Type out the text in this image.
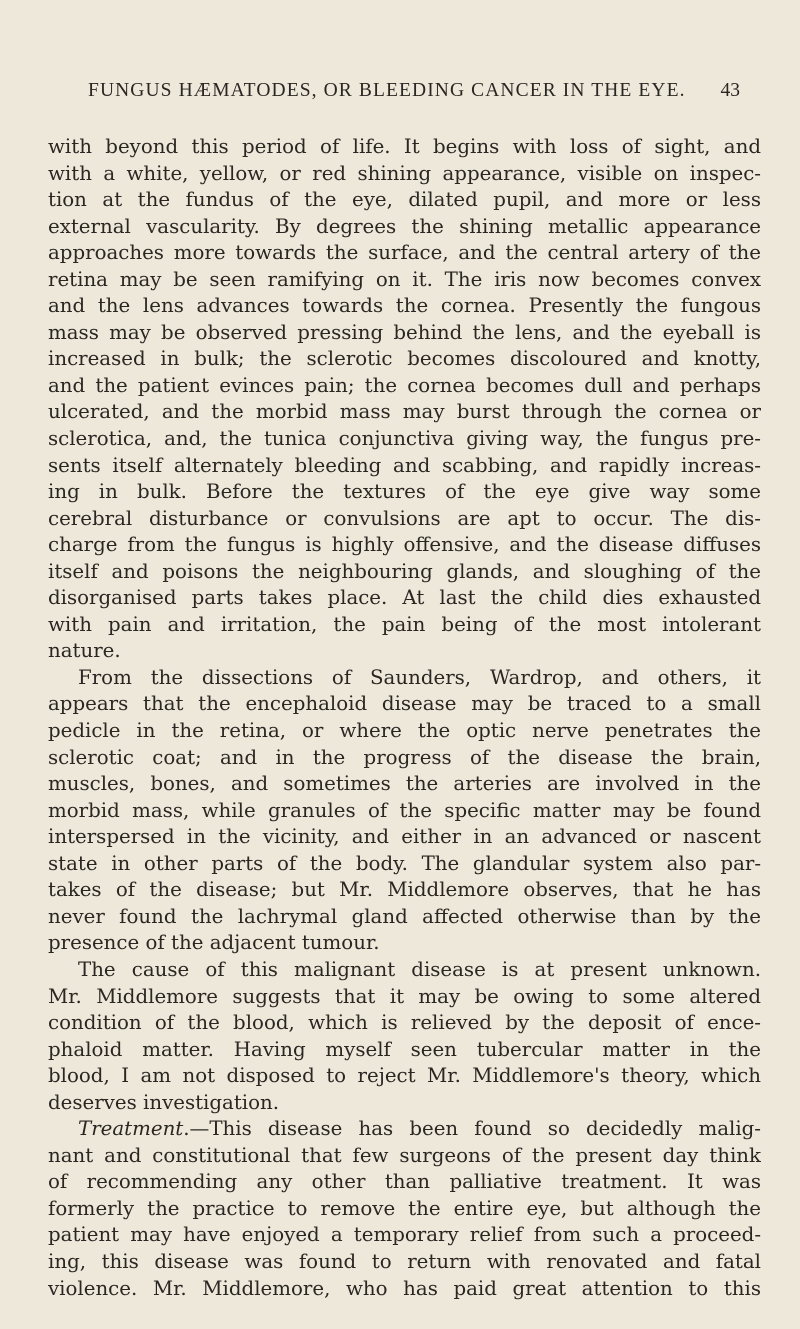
FUNGUS HÆMATODES, OR BLEEDING CANCER IN THE EYE.	43
with beyond this period of life. It begins with loss of sight, and
with a white, yellow, or red shining appearance, visible on inspec-
tion at the fundus of the eye, dilated pupil, and more or less
external vascularity. By degrees the shining metallic appearance
approaches more towards the surface, and the central artery of the
retina may be seen ramifying on it. The iris now becomes convex
and the lens advances towards the cornea. Presently the fungous
mass may be observed pressing behind the lens, and the eyeball is
increased in bulk; the sclerotic becomes discoloured and knotty,
and the patient evinces pain; the cornea becomes dull and perhaps
ulcerated, and the morbid mass may burst through the cornea or
sclerotica, and, the tunica conjunctiva giving way, the fungus pre-
sents itself alternately bleeding and scabbing, and rapidly increas-
ing in bulk. Before the textures of the eye give way some
cerebral disturbance or convulsions are apt to occur. The dis-
charge from the fungus is highly offensive, and the disease diffuses
itself and poisons the neighbouring glands, and sloughing of the
disorganised parts takes place. At last the child dies exhausted
with pain and irritation, the pain being of the most intolerant
nature.
From the dissections of Saunders, Wardrop, and others, it
appears that the encephaloid disease may be traced to a small
pedicle in the retina, or where the optic nerve penetrates the
sclerotic coat; and in the progress of the disease the brain,
muscles, bones, and sometimes the arteries are involved in the
morbid mass, while granules of the specific matter may be found
interspersed in the vicinity, and either in an advanced or nascent
state in other parts of the body. The glandular system also par-
takes of the disease; but Mr. Middlemore observes, that he has
never found the lachrymal gland affected otherwise than by the
presence of the adjacent tumour.
The cause of this malignant disease is at present unknown.
Mr. Middlemore suggests that it may be owing to some altered
condition of the blood, which is relieved by the deposit of ence-
phaloid matter. Having myself seen tubercular matter in the
blood, I am not disposed to reject Mr. Middlemore's theory, which
deserves investigation.
Treatment.—This disease has been found so decidedly malig-
nant and constitutional that few surgeons of the present day think
of recommending any other than palliative treatment. It was
formerly the practice to remove the entire eye, but although the
patient may have enjoyed a temporary relief from such a proceed-
ing, this disease was found to return with renovated and fatal
violence. Mr. Middlemore, who has paid great attention to this
